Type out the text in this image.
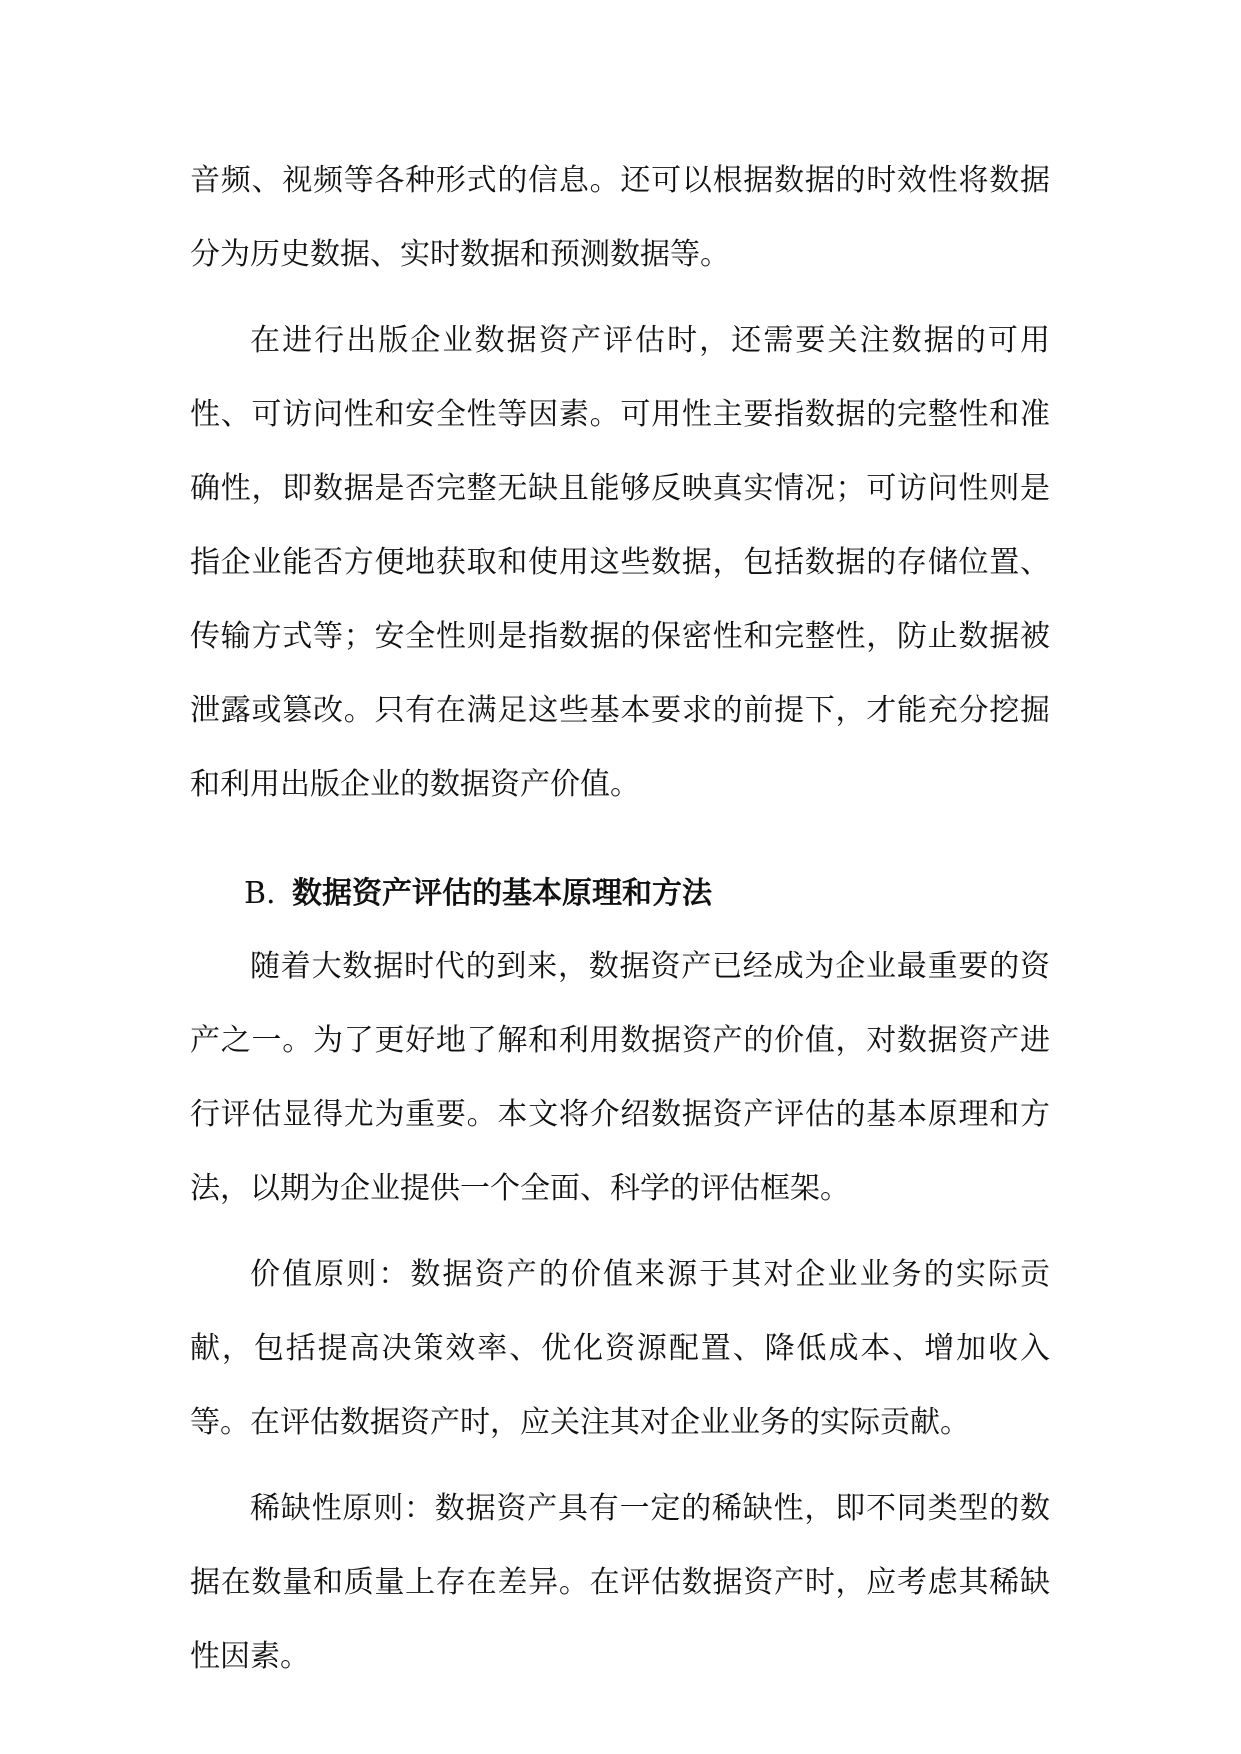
音频、视频等各种形式的信息。还可以根据数据的时效性将数据分为历史数据、实时数据和预测数据等。

在进行出版企业数据资产评估时，还需要关注数据的可用性、可访问性和安全性等因素。可用性主要指数据的完整性和准确性，即数据是否完整无缺且能够反映真实情况；可访问性则是指企业能否方便地获取和使用这些数据，包括数据的存储位置、传输方式等；安全性则是指数据的保密性和完整性，防止数据被泄露或篡改。只有在满足这些基本要求的前提下，才能充分挖掘和利用出版企业的数据资产价值。

B. 数据资产评估的基本原理和方法

随着大数据时代的到来，数据资产已经成为企业最重要的资产之一。为了更好地了解和利用数据资产的价值，对数据资产进行评估显得尤为重要。本文将介绍数据资产评估的基本原理和方法，以期为企业提供一个全面、科学的评估框架。

价值原则：数据资产的价值来源于其对企业业务的实际贡献，包括提高决策效率、优化资源配置、降低成本、增加收入等。在评估数据资产时，应关注其对企业业务的实际贡献。

稀缺性原则：数据资产具有一定的稀缺性，即不同类型的数据在数量和质量上存在差异。在评估数据资产时，应考虑其稀缺性因素。
